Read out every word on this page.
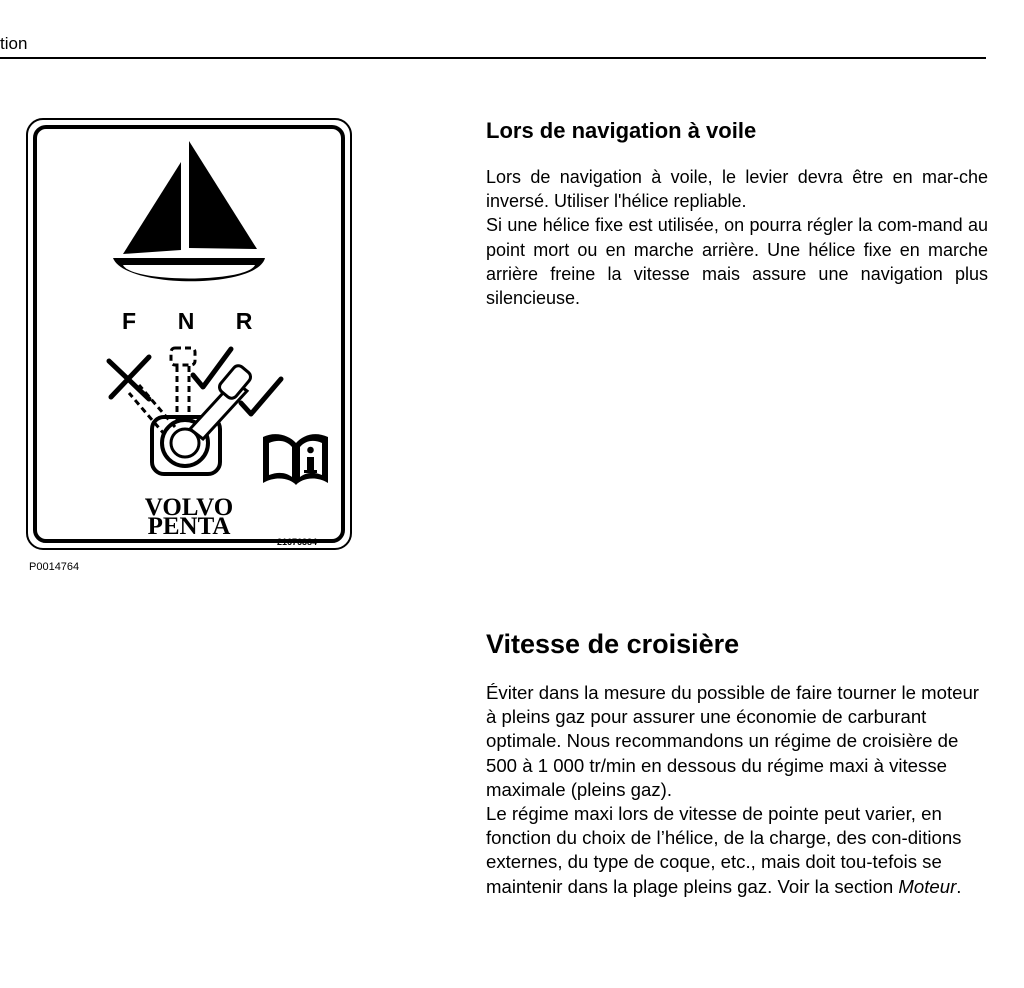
tion
F N R
VOLVO
PENTA
21676384
P0014764
Lors de navigation à voile

Lors de navigation à voile, le levier devra être en mar-che inversé. Utiliser l'hélice repliable.

Si une hélice fixe est utilisée, on pourra régler la com-mand au point mort ou en marche arrière. Une hélice fixe en marche arrière freine la vitesse mais assure une navigation plus silencieuse.

Vitesse de croisière

Éviter dans la mesure du possible de faire tourner le moteur à pleins gaz pour assurer une économie de carburant optimale. Nous recommandons un régime de croisière de 500 à 1 000 tr/min en dessous du régime maxi à vitesse maximale (pleins gaz).

Le régime maxi lors de vitesse de pointe peut varier, en fonction du choix de l’hélice, de la charge, des con-ditions externes, du type de coque, etc., mais doit tou-tefois se maintenir dans la plage pleins gaz. Voir la section Moteur.
